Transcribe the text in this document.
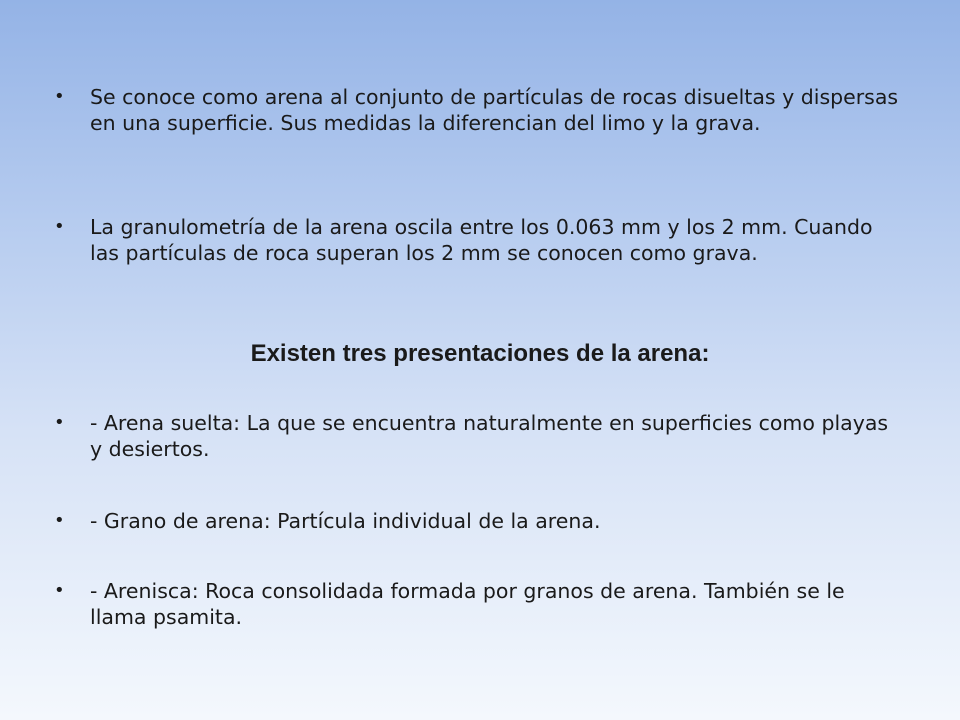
• Se conoce como arena al conjunto de partículas de rocas disueltas y dispersas en una superficie. Sus medidas la diferencian del limo y la grava.
• La granulometría de la arena oscila entre los 0.063 mm y los 2 mm. Cuando las partículas de roca superan los 2 mm se conocen como grava.
Existen tres presentaciones de la arena:
• - Arena suelta: La que se encuentra naturalmente en superficies como playas y desiertos.
• - Grano de arena: Partícula individual de la arena.
• - Arenisca: Roca consolidada formada por granos de arena. También se le llama psamita.
